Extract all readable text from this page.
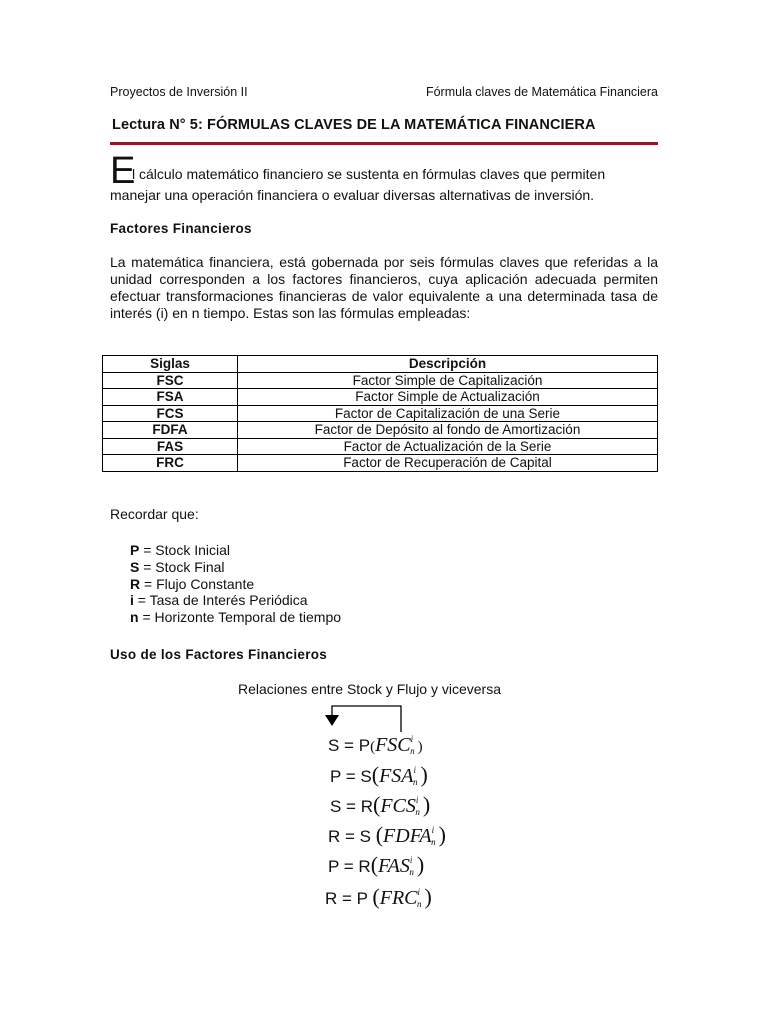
Proyectos de Inversión II	Fórmula claves de Matemática Financiera
Lectura N° 5: FÓRMULAS CLAVES DE LA MATEMÁTICA FINANCIERA
E
l cálculo matemático financiero se sustenta en fórmulas claves que permiten
manejar una operación financiera o evaluar diversas alternativas de inversión.
Factores Financieros
La matemática financiera, está gobernada por seis fórmulas claves que referidas a la unidad corresponden a los factores financieros, cuya aplicación adecuada permiten efectuar transformaciones financieras de valor equivalente a una determinada tasa de interés (i) en n tiempo. Estas son las fórmulas empleadas:
Siglas	Descripción
FSC	Factor Simple de Capitalización
FSA	Factor Simple de Actualización
FCS	Factor de Capitalización de una Serie
FDFA	Factor de Depósito al fondo de Amortización
FAS	Factor de Actualización de la Serie
FRC	Factor de Recuperación de Capital
Recordar que:
P = Stock Inicial
S = Stock Final
R = Flujo Constante
i = Tasa de Interés Periódica
n = Horizonte Temporal de tiempo
Uso de los Factores Financieros
Relaciones entre Stock y Flujo y viceversa
$S = P(FSC^in$ )
$P = S(FSA^in$ )
$S = R(FCS^in$ )
R = S (FDFA$^i$n )
$P = R(FAS^in$ )
R = P (FRC$^i$n )
